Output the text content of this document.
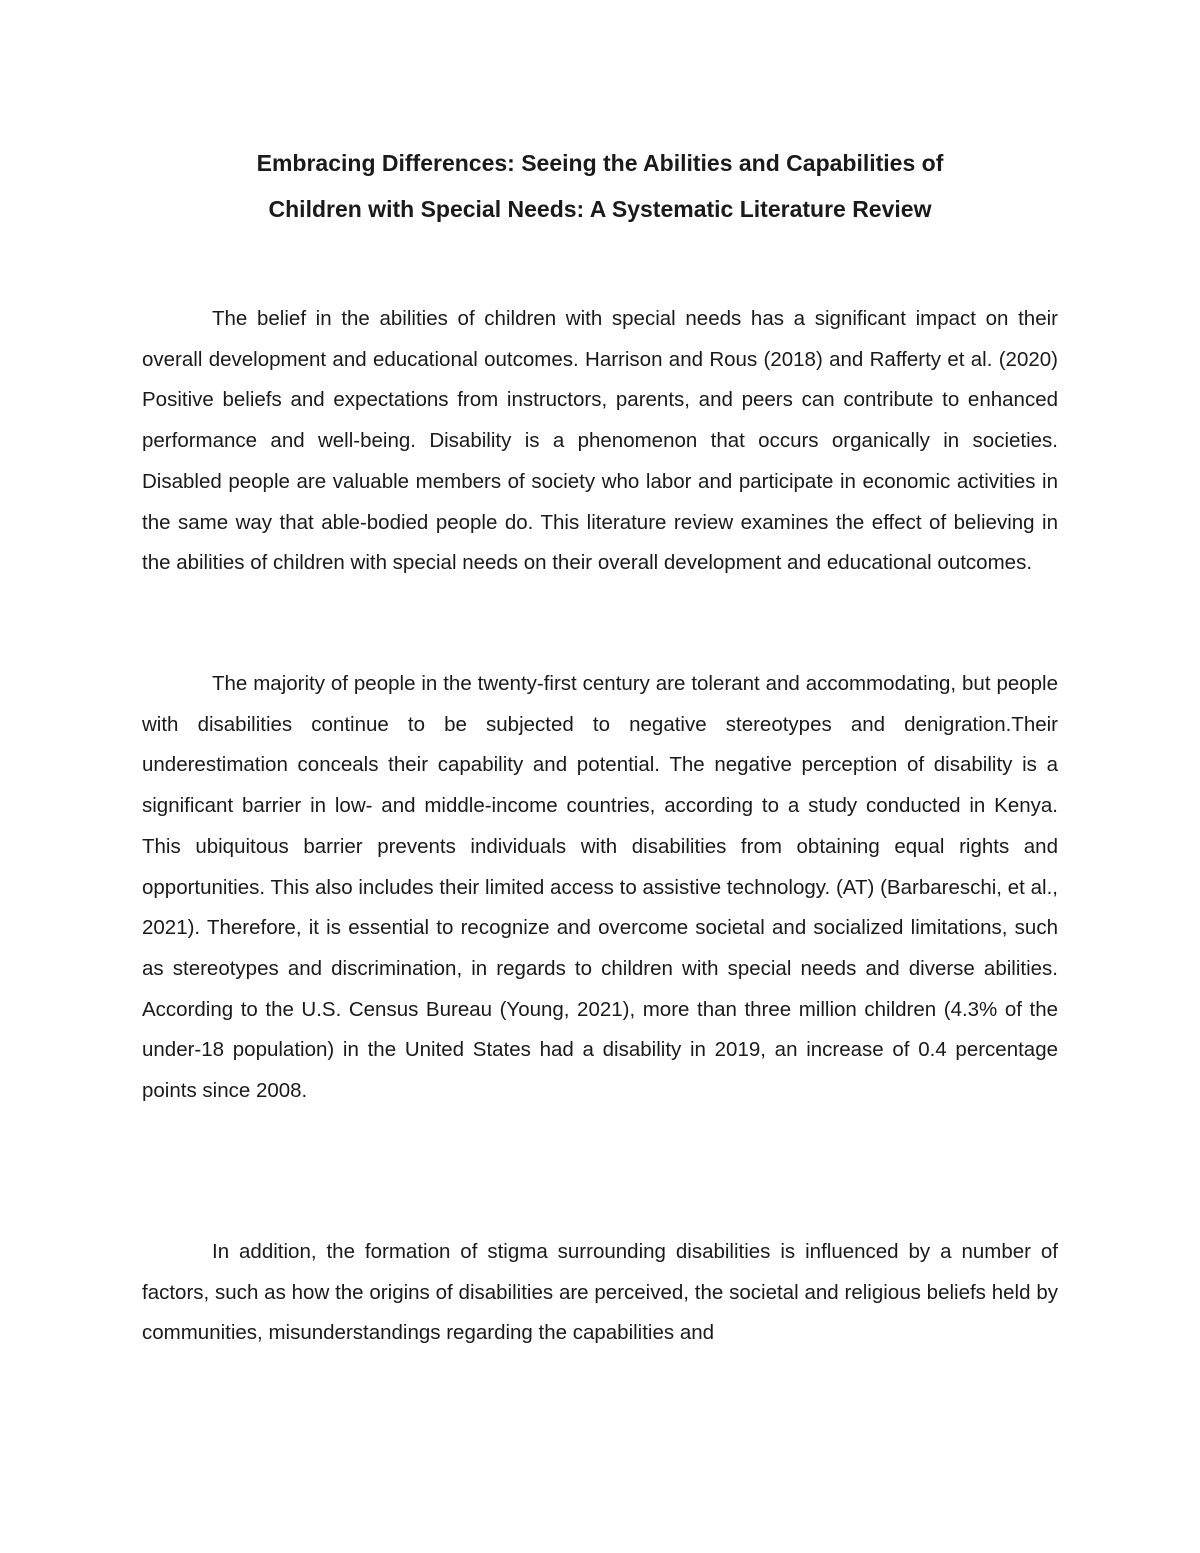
Embracing Differences: Seeing the Abilities and Capabilities of
Children with Special Needs: A Systematic Literature Review

The belief in the abilities of children with special needs has a significant impact on their overall development and educational outcomes. Harrison and Rous (2018) and Rafferty et al. (2020) Positive beliefs and expectations from instructors, parents, and peers can contribute to enhanced performance and well-being. Disability is a phenomenon that occurs organically in societies. Disabled people are valuable members of society who labor and participate in economic activities in the same way that able-bodied people do. This literature review examines the effect of believing in the abilities of children with special needs on their overall development and educational outcomes.

The majority of people in the twenty-first century are tolerant and accommodating, but people with disabilities continue to be subjected to negative stereotypes and denigration.Their underestimation conceals their capability and potential. The negative perception of disability is a significant barrier in low- and middle-income countries, according to a study conducted in Kenya. This ubiquitous barrier prevents individuals with disabilities from obtaining equal rights and opportunities. This also includes their limited access to assistive technology. (AT) (Barbareschi, et al., 2021). Therefore, it is essential to recognize and overcome societal and socialized limitations, such as stereotypes and discrimination, in regards to children with special needs and diverse abilities. According to the U.S. Census Bureau (Young, 2021), more than three million children (4.3% of the under-18 population) in the United States had a disability in 2019, an increase of 0.4 percentage points since 2008.

In addition, the formation of stigma surrounding disabilities is influenced by a number of factors, such as how the origins of disabilities are perceived, the societal and religious beliefs held by communities, misunderstandings regarding the capabilities and
